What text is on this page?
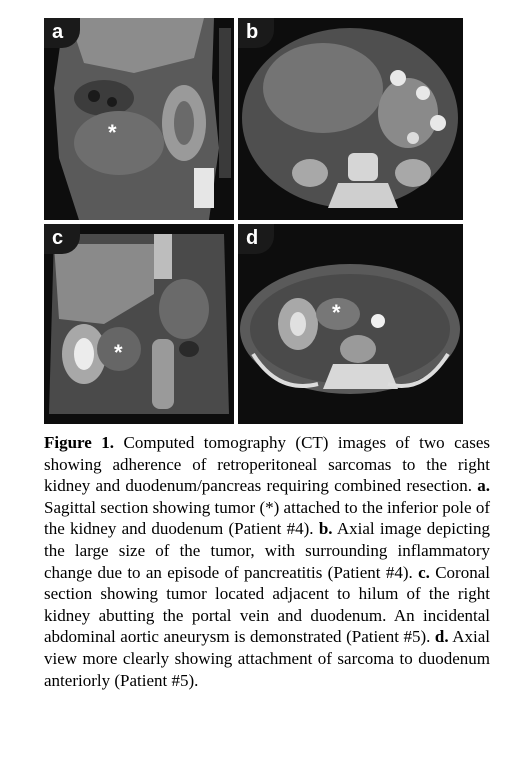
a
*
b
c
*
d
*
Figure 1. Computed tomography (CT) images of two cases showing adherence of retroperitoneal sarcomas to the right kidney and duodenum/pancreas requiring combined resection. a. Sagittal section showing tumor (*) attached to the inferior pole of the kidney and duodenum (Patient #4). b. Axial image depicting the large size of the tumor, with surrounding inflammatory change due to an episode of pancreatitis (Patient #4). c. Coronal section showing tumor located adjacent to hilum of the right kidney abutting the portal vein and duodenum. An incidental abdominal aortic aneurysm is demonstrated (Patient #5). d. Axial view more clearly showing attachment of sarcoma to duodenum anteriorly (Patient #5).
